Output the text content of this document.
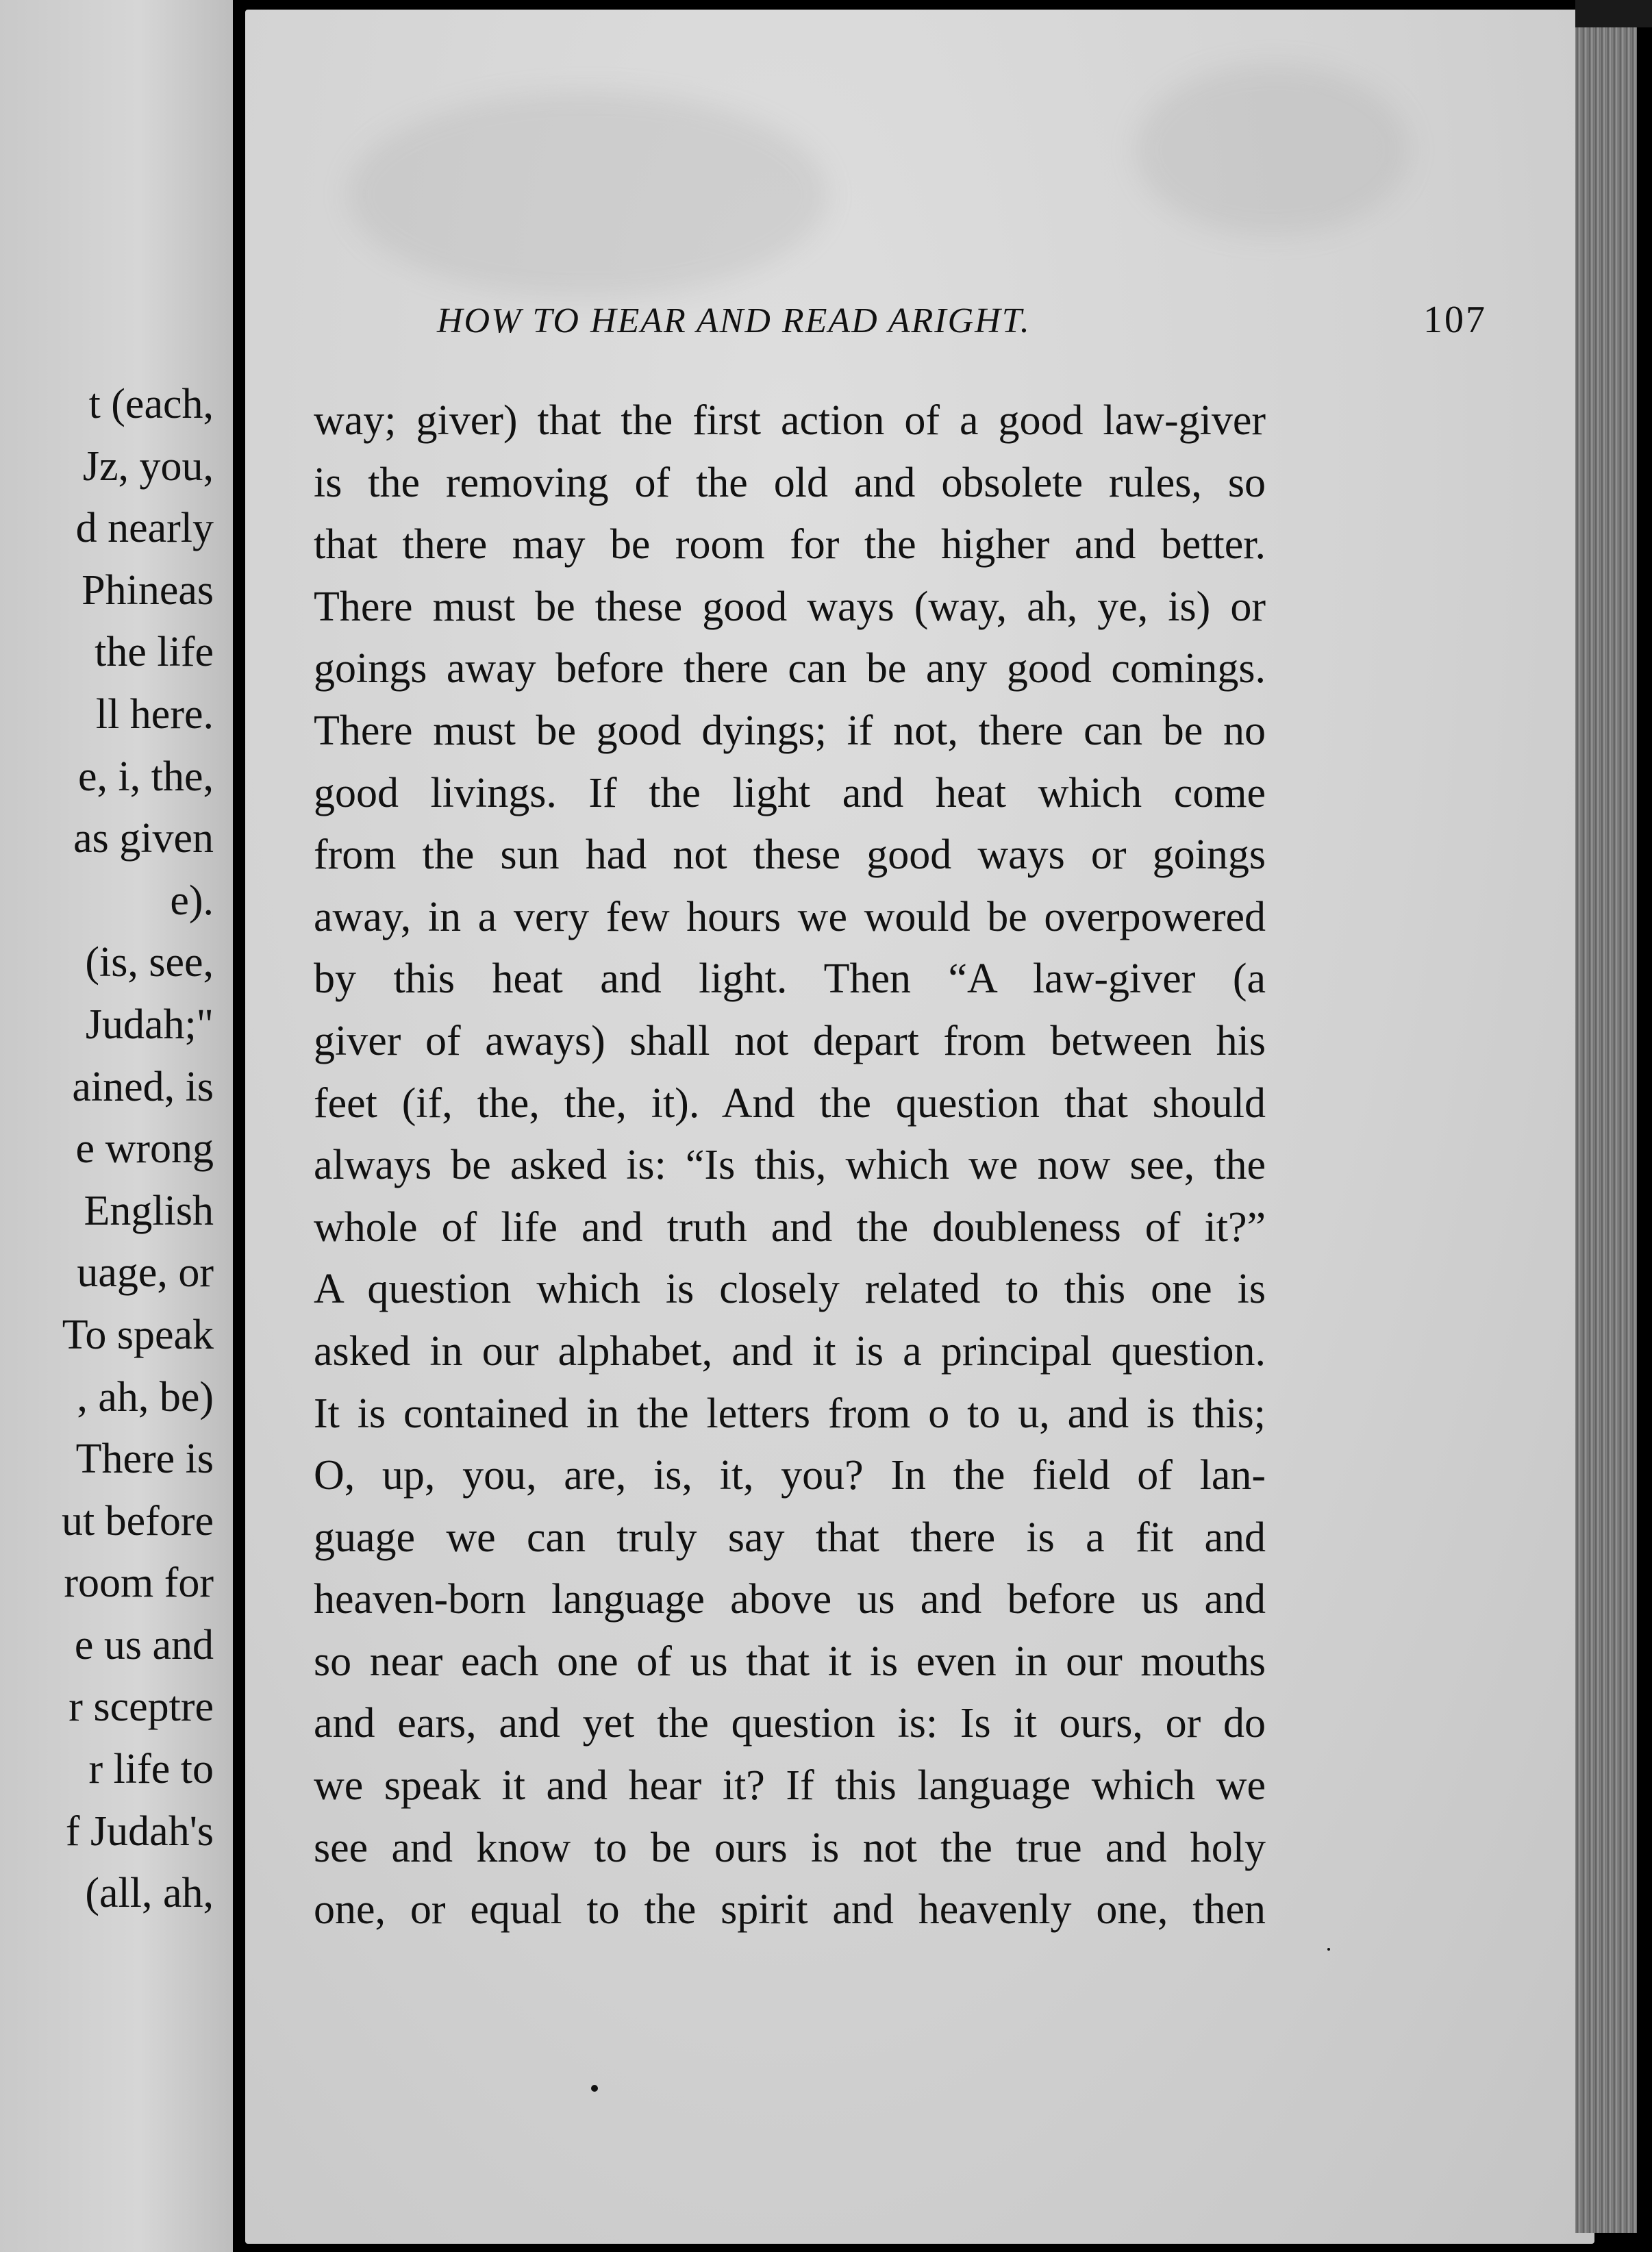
t (each,
Jz, you,
d nearly
Phineas
the life
ll here.
e, i, the,
as given
e).
(is, see,
Judah;"
ained, is
e wrong
English
uage, or
To speak
, ah, be)
There is
ut before
room for
e us and
r sceptre
r life to
f Judah's
(all, ah,
HOW TO HEAR AND READ ARIGHT.	107
way; giver) that the first action of a good law-giver
is the removing of the old and obsolete rules, so
that there may be room for the higher and better.
There must be these good ways (way, ah, ye, is) or
goings away before there can be any good comings.
There must be good dyings; if not, there can be no
good livings. If the light and heat which come
from the sun had not these good ways or goings
away, in a very few hours we would be overpowered
by this heat and light. Then “A law-giver (a
giver of aways) shall not depart from between his
feet (if, the, the, it). And the question that should
always be asked is: “Is this, which we now see, the
whole of life and truth and the doubleness of it?”
A question which is closely related to this one is
asked in our alphabet, and it is a principal question.
It is contained in the letters from o to u, and is this;
O, up, you, are, is, it, you? In the field of lan-
guage we can truly say that there is a fit and
heaven-born language above us and before us and
so near each one of us that it is even in our mouths
and ears, and yet the question is: Is it ours, or do
we speak it and hear it? If this language which we
see and know to be ours is not the true and holy
one, or equal to the spirit and heavenly one, then
